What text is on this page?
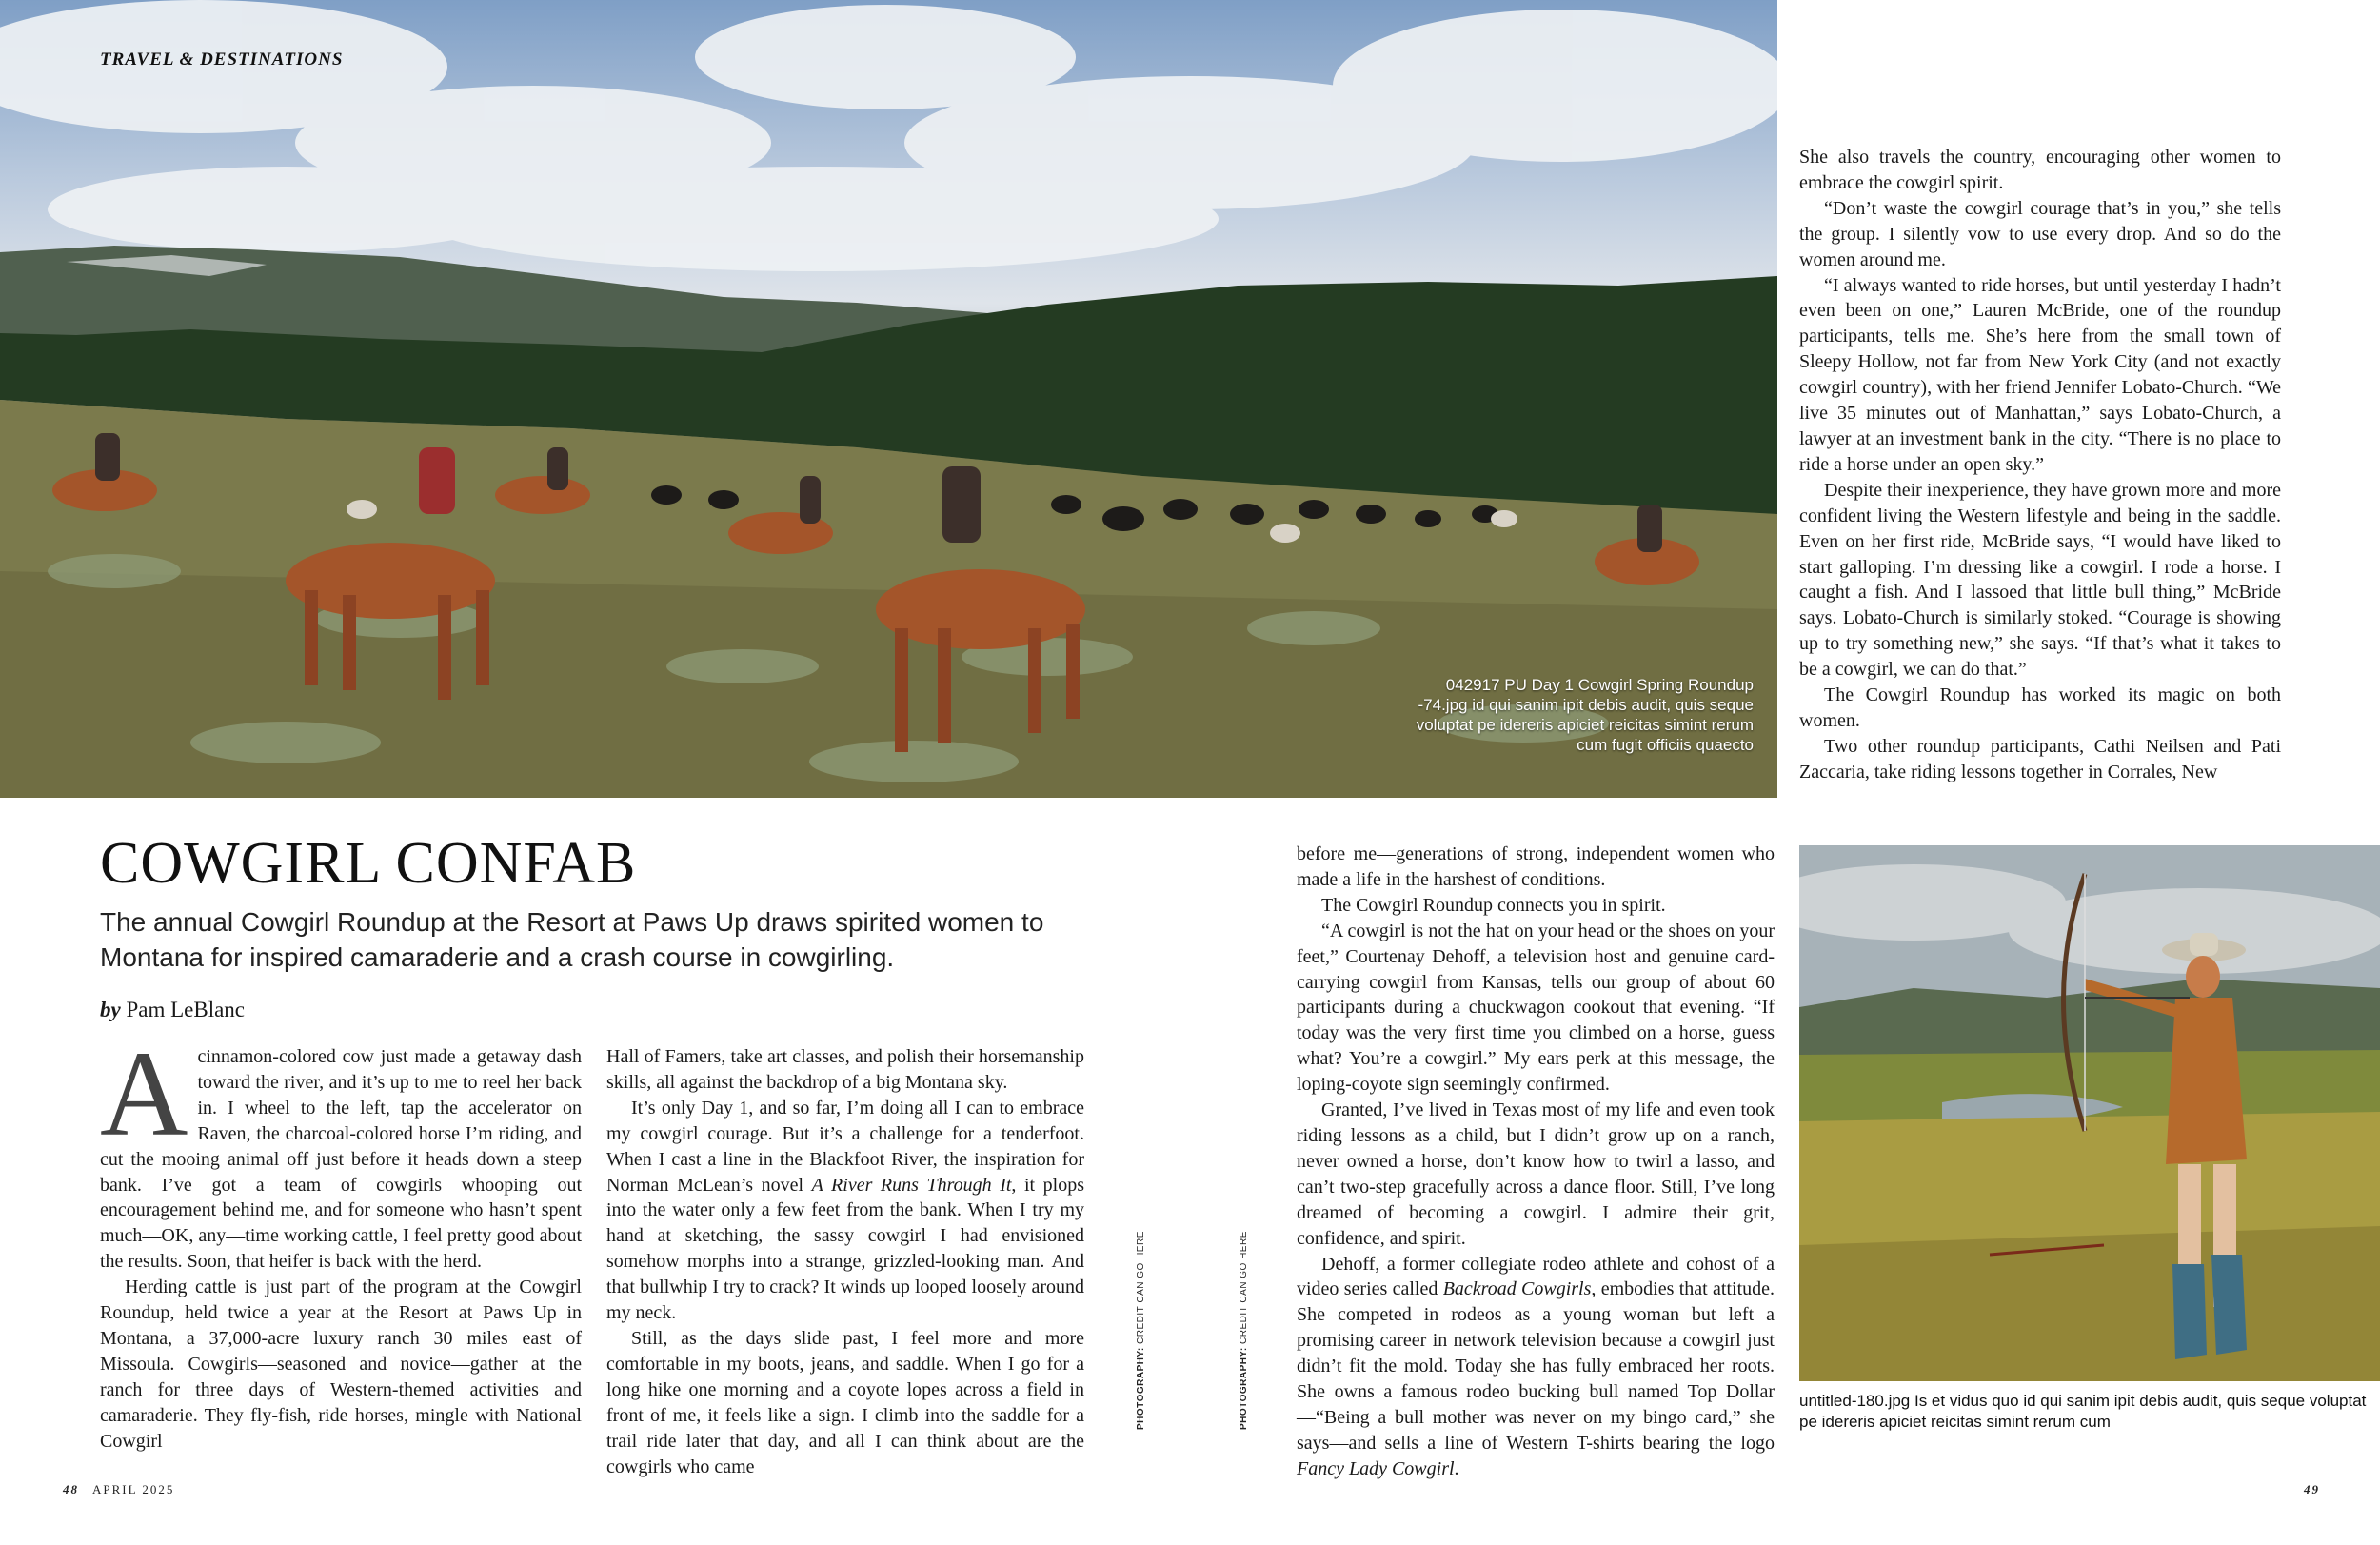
TRAVEL & DESTINATIONS
042917 PU Day 1 Cowgirl Spring Roundup -74.jpg id qui sanim ipit debis audit, quis seque voluptat pe idereris apiciet reicitas simint rerum cum fugit officiis quaecto
COWGIRL CONFAB
The annual Cowgirl Roundup at the Resort at Paws Up draws spirited women to Montana for inspired camaraderie and a crash course in cowgirling.
by Pam LeBlanc

Acinnamon-colored cow just made a getaway dash toward the river, and it’s up to me to reel her back in. I wheel to the left, tap the accelerator on Raven, the charcoal-colored horse I’m riding, and cut the mooing animal off just before it heads down a steep bank. I’ve got a team of cowgirls whooping out encouragement behind me, and for someone who hasn’t spent much—OK, any—time working cattle, I feel pretty good about the results. Soon, that heifer is back with the herd.

Herding cattle is just part of the program at the Cowgirl Roundup, held twice a year at the Resort at Paws Up in Montana, a 37,000-acre luxury ranch 30 miles east of Missoula. Cowgirls—seasoned and novice—gather at the ranch for three days of Western-themed activities and camaraderie. They fly-fish, ride horses, mingle with National Cowgirl

Hall of Famers, take art classes, and polish their horsemanship skills, all against the backdrop of a big Montana sky.

It’s only Day 1, and so far, I’m doing all I can to embrace my cowgirl courage. But it’s a challenge for a tenderfoot. When I cast a line in the Blackfoot River, the inspiration for Norman McLean’s novel A River Runs Through It, it plops into the water only a few feet from the bank. When I try my hand at sketching, the sassy cowgirl I had envisioned somehow morphs into a strange, grizzled-looking man. And that bullwhip I try to crack? It winds up looped loosely around my neck.

Still, as the days slide past, I feel more and more comfortable in my boots, jeans, and saddle. When I go for a long hike one morning and a coyote lopes across a field in front of me, it feels like a sign. I climb into the saddle for a trail ride later that day, and all I can think about are the cowgirls who came

PHOTOGRAPHY: CREDIT CAN GO HERE
PHOTOGRAPHY: CREDIT CAN GO HERE

before me—generations of strong, independent women who made a life in the harshest of conditions.

The Cowgirl Roundup connects you in spirit.

“A cowgirl is not the hat on your head or the shoes on your feet,” Courtenay Dehoff, a television host and genuine card-carrying cowgirl from Kansas, tells our group of about 60 participants during a chuckwagon cookout that evening. “If today was the very first time you climbed on a horse, guess what? You’re a cowgirl.” My ears perk at this message, the loping-coyote sign seemingly confirmed.

Granted, I’ve lived in Texas most of my life and even took riding lessons as a child, but I didn’t grow up on a ranch, never owned a horse, don’t know how to twirl a lasso, and can’t two-step gracefully across a dance floor. Still, I’ve long dreamed of becoming a cowgirl. I admire their grit, confidence, and spirit.

Dehoff, a former collegiate rodeo athlete and cohost of a video series called Backroad Cowgirls, embodies that attitude. She competed in rodeos as a young woman but left a promising career in network television because a cowgirl just didn’t fit the mold. Today she has fully embraced her roots. She owns a famous rodeo bucking bull named Top Dollar—“Being a bull mother was never on my bingo card,” she says—and sells a line of Western T-shirts bearing the logo Fancy Lady Cowgirl.

She also travels the country, encouraging other women to embrace the cowgirl spirit.

“Don’t waste the cowgirl courage that’s in you,” she tells the group. I silently vow to use every drop. And so do the women around me.

“I always wanted to ride horses, but until yesterday I hadn’t even been on one,” Lauren McBride, one of the roundup participants, tells me. She’s here from the small town of Sleepy Hollow, not far from New York City (and not exactly cowgirl country), with her friend Jennifer Lobato-Church. “We live 35 minutes out of Manhattan,” says Lobato-Church, a lawyer at an investment bank in the city. “There is no place to ride a horse under an open sky.”

Despite their inexperience, they have grown more and more confident living the Western lifestyle and being in the saddle. Even on her first ride, McBride says, “I would have liked to start galloping. I’m dressing like a cowgirl. I rode a horse. I caught a fish. And I lassoed that little bull thing,” McBride says. Lobato-Church is similarly stoked. “Courage is showing up to try something new,” she says. “If that’s what it takes to be a cowgirl, we can do that.”

The Cowgirl Roundup has worked its magic on both women.

Two other roundup participants, Cathi Neilsen and Pati Zaccaria, take riding lessons together in Corrales, New

untitled-180.jpg Is et vidus quo id qui sanim ipit debis audit, quis seque voluptat pe idereris apiciet reicitas simint rerum cum
48 APRIL 2025	49
